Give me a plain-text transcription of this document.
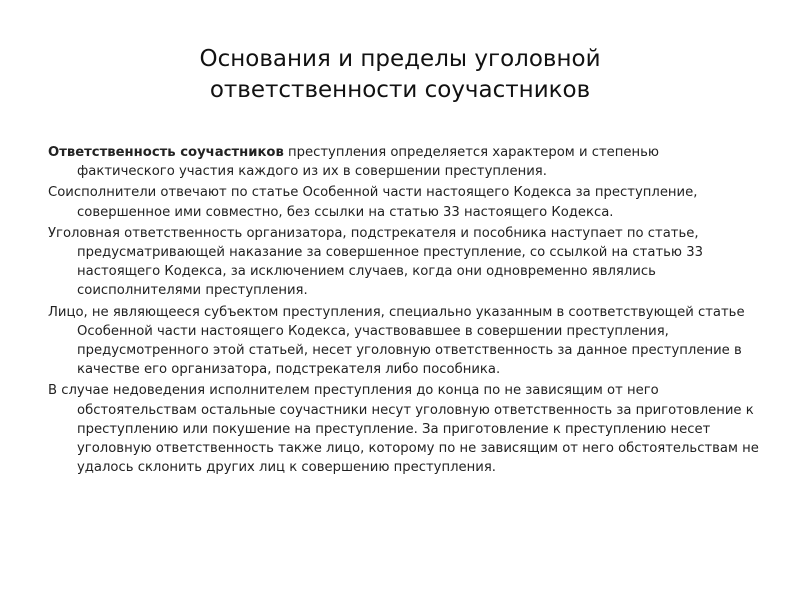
Основания и пределы уголовной
ответственности соучастников

Ответственность соучастников преступления определяется характером и степенью фактического участия каждого из их в совершении преступления.

Соисполнители отвечают по статье Особенной части настоящего Кодекса за преступление, совершенное ими совместно, без ссылки на статью 33 настоящего Кодекса.

Уголовная ответственность организатора, подстрекателя и пособника наступает по статье, предусматривающей наказание за совершенное преступление, со ссылкой на статью 33 настоящего Кодекса, за исключением случаев, когда они одновременно являлись соисполнителями преступления.

Лицо, не являющееся субъектом преступления, специально указанным в соответствующей статье Особенной части настоящего Кодекса, участвовавшее в совершении преступления, предусмотренного этой статьей, несет уголовную ответственность за данное преступление в качестве его организатора, подстрекателя либо пособника.

В случае недоведения исполнителем преступления до конца по не зависящим от него обстоятельствам остальные соучастники несут уголовную ответственность за приготовление к преступлению или покушение на преступление. За приготовление к преступлению несет уголовную ответственность также лицо, которому по не зависящим от него обстоятельствам не удалось склонить других лиц к совершению преступления.
